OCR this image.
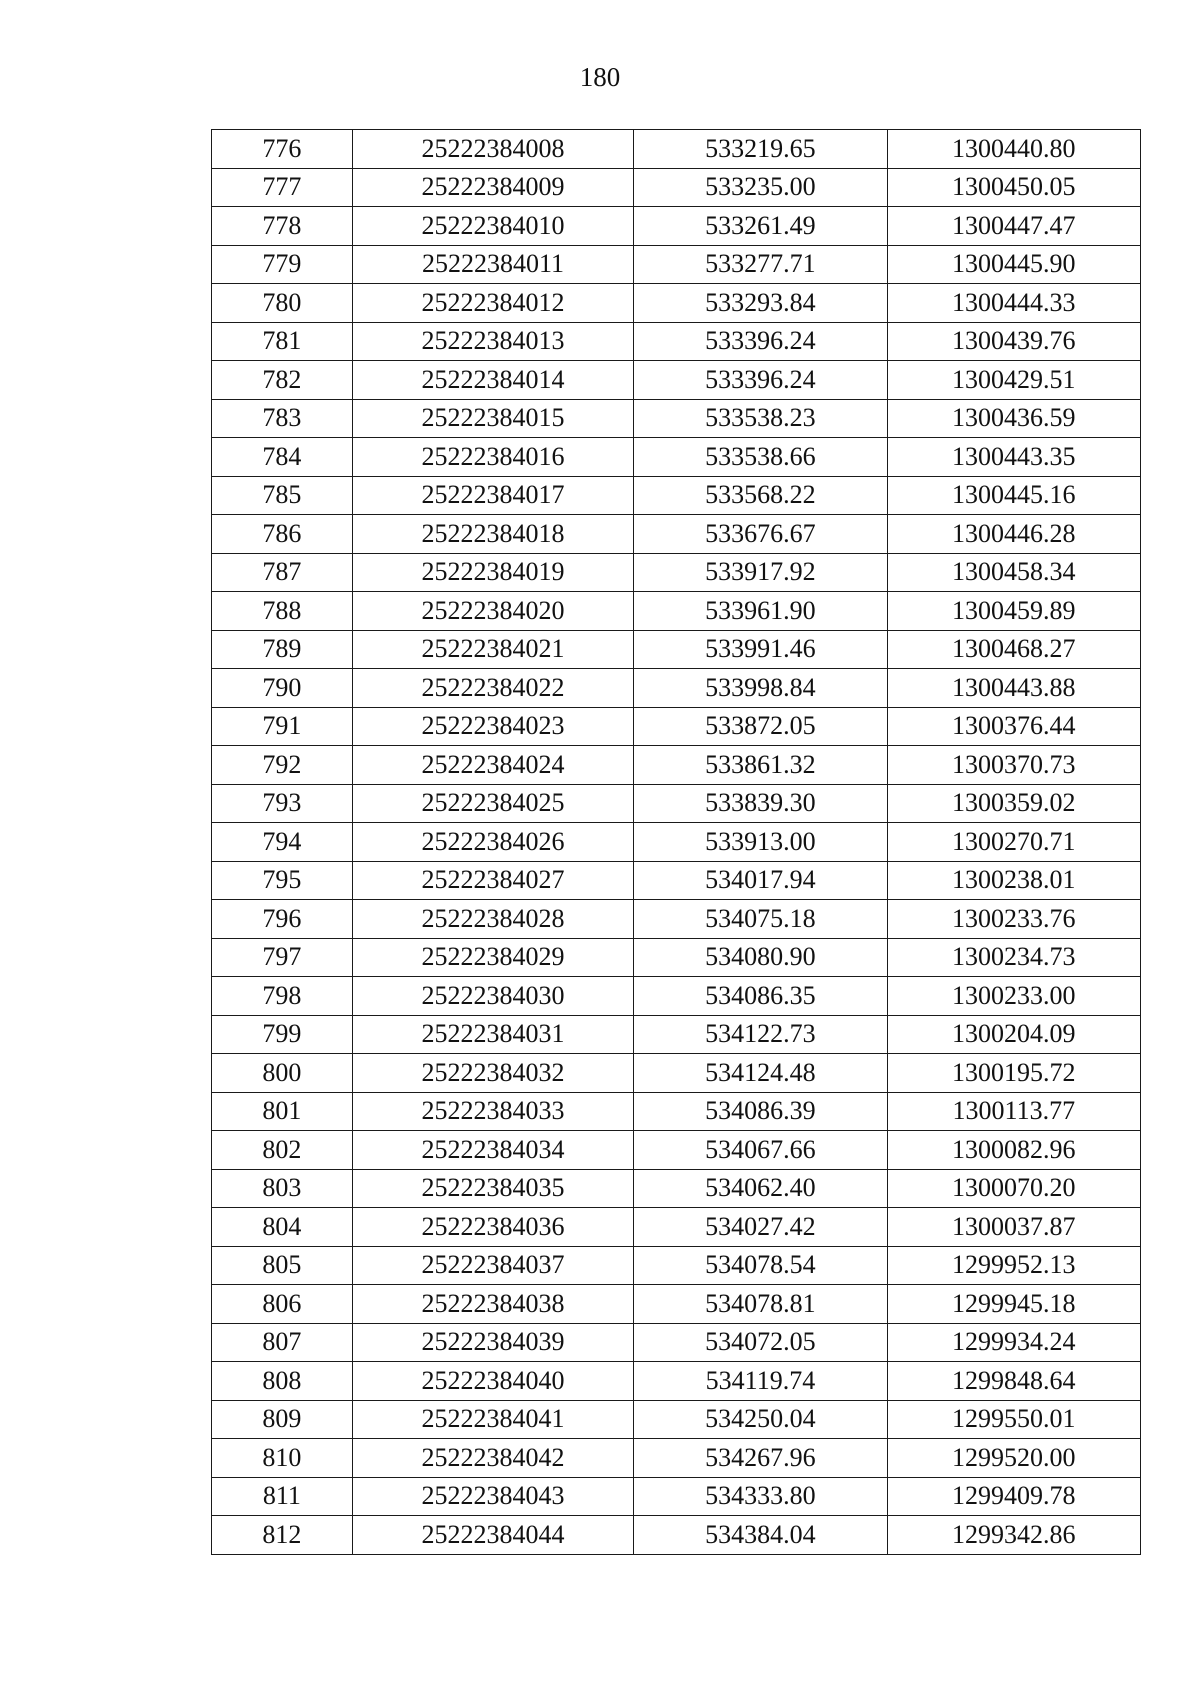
180
776	25222384008	533219.65	1300440.80
777	25222384009	533235.00	1300450.05
778	25222384010	533261.49	1300447.47
779	25222384011	533277.71	1300445.90
780	25222384012	533293.84	1300444.33
781	25222384013	533396.24	1300439.76
782	25222384014	533396.24	1300429.51
783	25222384015	533538.23	1300436.59
784	25222384016	533538.66	1300443.35
785	25222384017	533568.22	1300445.16
786	25222384018	533676.67	1300446.28
787	25222384019	533917.92	1300458.34
788	25222384020	533961.90	1300459.89
789	25222384021	533991.46	1300468.27
790	25222384022	533998.84	1300443.88
791	25222384023	533872.05	1300376.44
792	25222384024	533861.32	1300370.73
793	25222384025	533839.30	1300359.02
794	25222384026	533913.00	1300270.71
795	25222384027	534017.94	1300238.01
796	25222384028	534075.18	1300233.76
797	25222384029	534080.90	1300234.73
798	25222384030	534086.35	1300233.00
799	25222384031	534122.73	1300204.09
800	25222384032	534124.48	1300195.72
801	25222384033	534086.39	1300113.77
802	25222384034	534067.66	1300082.96
803	25222384035	534062.40	1300070.20
804	25222384036	534027.42	1300037.87
805	25222384037	534078.54	1299952.13
806	25222384038	534078.81	1299945.18
807	25222384039	534072.05	1299934.24
808	25222384040	534119.74	1299848.64
809	25222384041	534250.04	1299550.01
810	25222384042	534267.96	1299520.00
811	25222384043	534333.80	1299409.78
812	25222384044	534384.04	1299342.86
